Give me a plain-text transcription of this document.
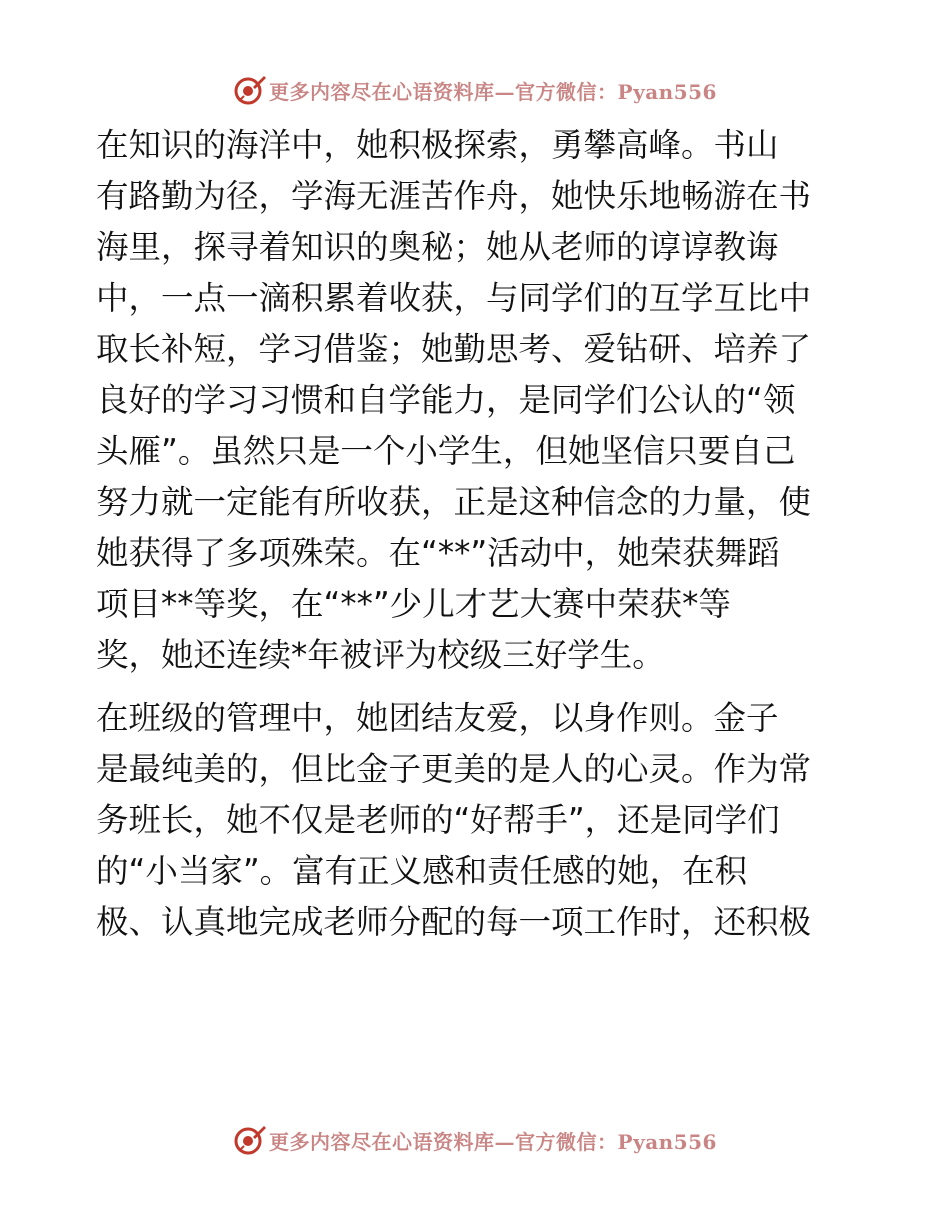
更多内容尽在心语资料库—官方微信：Pyan556
在知识的海洋中，她积极探索，勇攀高峰。书山
有路勤为径，学海无涯苦作舟，她快乐地畅游在书
海里，探寻着知识的奥秘；她从老师的谆谆教诲
中，一点一滴积累着收获，与同学们的互学互比中
取长补短，学习借鉴；她勤思考、爱钻研、培养了
良好的学习习惯和自学能力，是同学们公认的“领
头雁”。虽然只是一个小学生，但她坚信只要自己
努力就一定能有所收获，正是这种信念的力量，使
她获得了多项殊荣。在“**”活动中，她荣获舞蹈
项目**等奖，在“**”少儿才艺大赛中荣获*等
奖，她还连续*年被评为校级三好学生。
在班级的管理中，她团结友爱，以身作则。金子
是最纯美的，但比金子更美的是人的心灵。作为常
务班长，她不仅是老师的“好帮手”，还是同学们
的“小当家”。富有正义感和责任感的她，在积
极、认真地完成老师分配的每一项工作时，还积极
更多内容尽在心语资料库—官方微信：Pyan556
